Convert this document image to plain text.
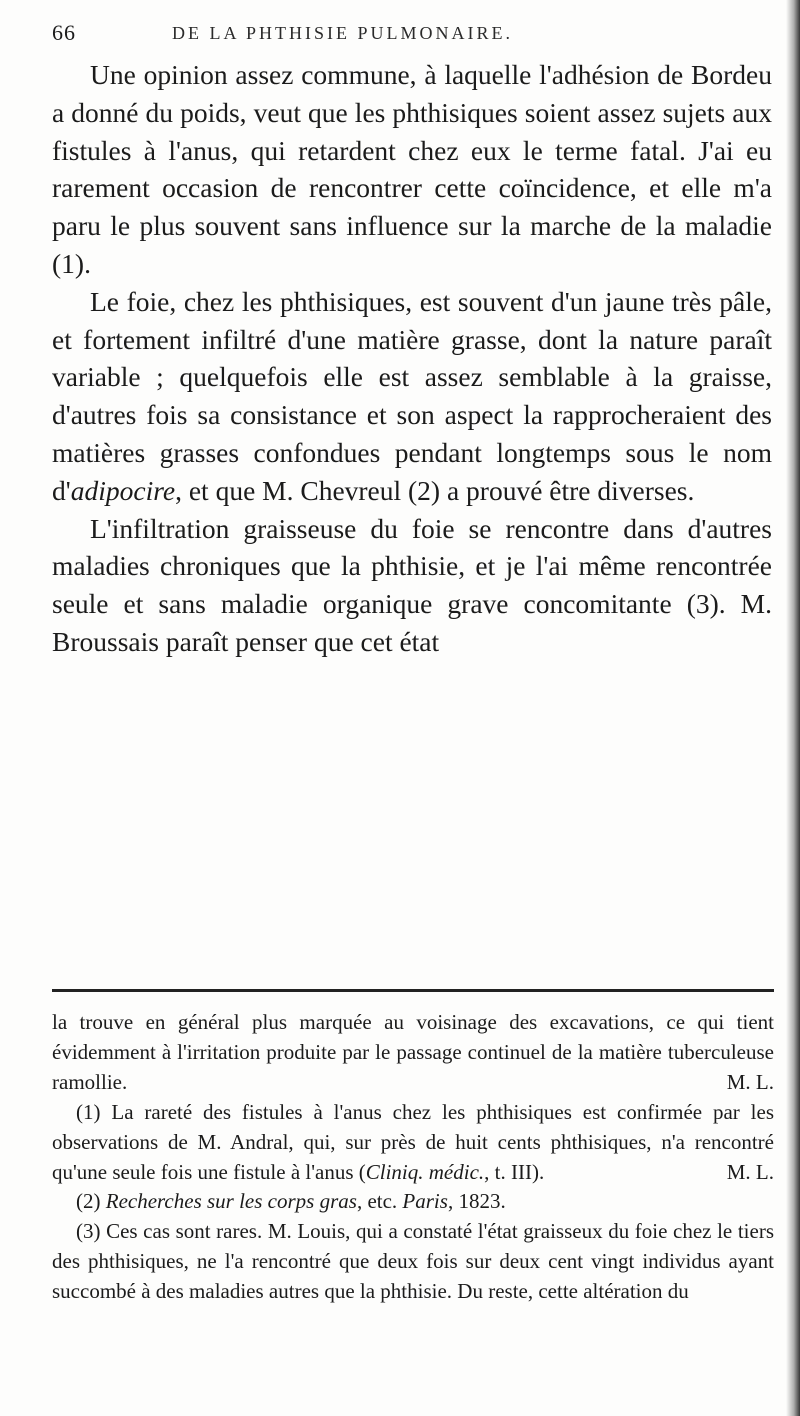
66	DE LA PHTHISIE PULMONAIRE.

Une opinion assez commune, à laquelle l'adhésion de Bordeu a donné du poids, veut que les phthisiques soient assez sujets aux fistules à l'anus, qui retardent chez eux le terme fatal. J'ai eu rarement occasion de rencontrer cette coïncidence, et elle m'a paru le plus souvent sans influence sur la marche de la maladie (1).

Le foie, chez les phthisiques, est souvent d'un jaune très pâle, et fortement infiltré d'une matière grasse, dont la nature paraît variable ; quelquefois elle est assez semblable à la graisse, d'autres fois sa consistance et son aspect la rapprocheraient des matières grasses confondues pendant longtemps sous le nom d'adipocire, et que M. Chevreul (2) a prouvé être diverses.

L'infiltration graisseuse du foie se rencontre dans d'autres maladies chroniques que la phthisie, et je l'ai même rencontrée seule et sans maladie organique grave concomitante (3). M. Broussais paraît penser que cet état

la trouve en général plus marquée au voisinage des excavations, ce qui tient évidemment à l'irritation produite par le passage continuel de la matière tuberculeuse ramollie.	M. L.

(1) La rareté des fistules à l'anus chez les phthisiques est confirmée par les observations de M. Andral, qui, sur près de huit cents phthisiques, n'a rencontré qu'une seule fois une fistule à l'anus (Cliniq. médic., t. III).	M. L.

(2) Recherches sur les corps gras, etc. Paris, 1823.

(3) Ces cas sont rares. M. Louis, qui a constaté l'état graisseux du foie chez le tiers des phthisiques, ne l'a rencontré que deux fois sur deux cent vingt individus ayant succombé à des maladies autres que la phthisie. Du reste, cette altération du
